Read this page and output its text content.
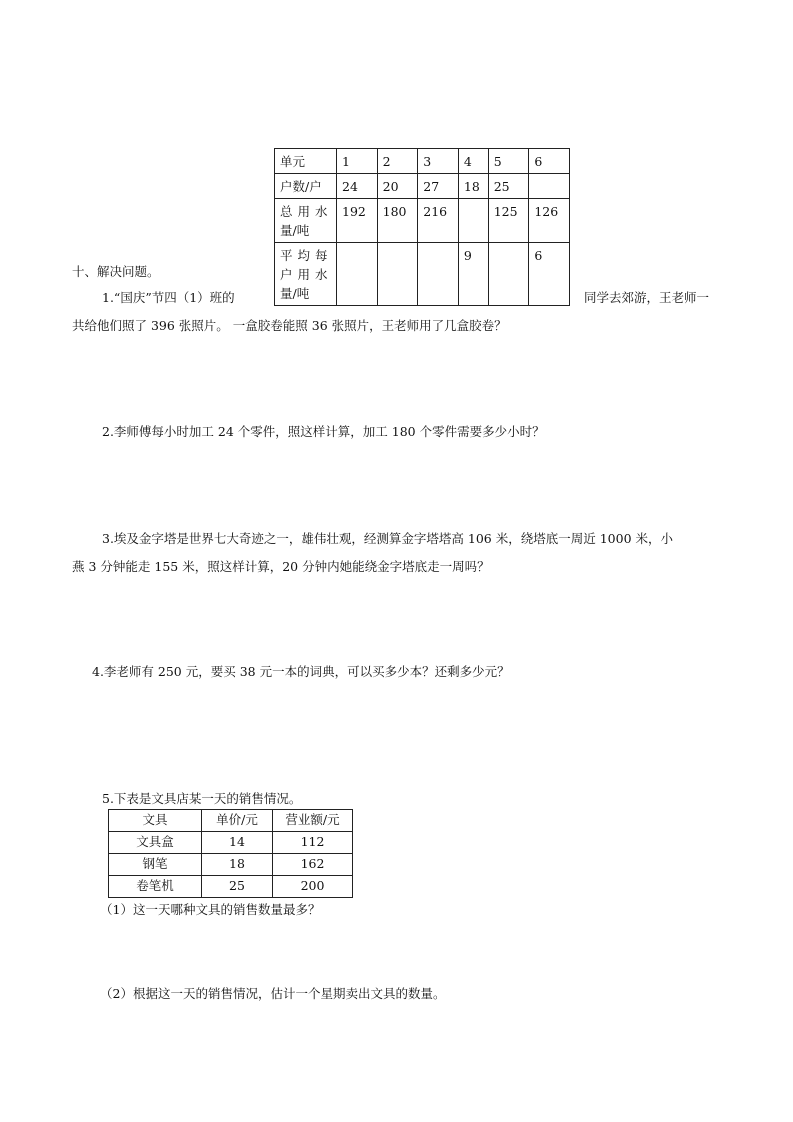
单元	1	2	3	4	5	6
户数/户	24	20	27	18	25	

总用水
量/吨	192	180	216		125	126

平均每
户用水
量/吨				9		6
十、解决问题。
1.“国庆”节四（1）班的	同学去郊游，王老师一
共给他们照了 396 张照片。 一盒胶卷能照 36 张照片，王老师用了几盒胶卷？
2.李师傅每小时加工 24 个零件，照这样计算，加工 180 个零件需要多少小时？
3.埃及金字塔是世界七大奇迹之一，雄伟壮观，经测算金字塔塔高 106 米，绕塔底一周近 1000 米，小
燕 3 分钟能走 155 米，照这样计算，20 分钟内她能绕金字塔底走一周吗？
4.李老师有 250 元，要买 38 元一本的词典，可以买多少本？还剩多少元？
5.下表是文具店某一天的销售情况。
文具	单价/元	营业额/元
文具盒	14	112
钢笔	18	162
卷笔机	25	200
（1）这一天哪种文具的销售数量最多？
（2）根据这一天的销售情况，估计一个星期卖出文具的数量。
